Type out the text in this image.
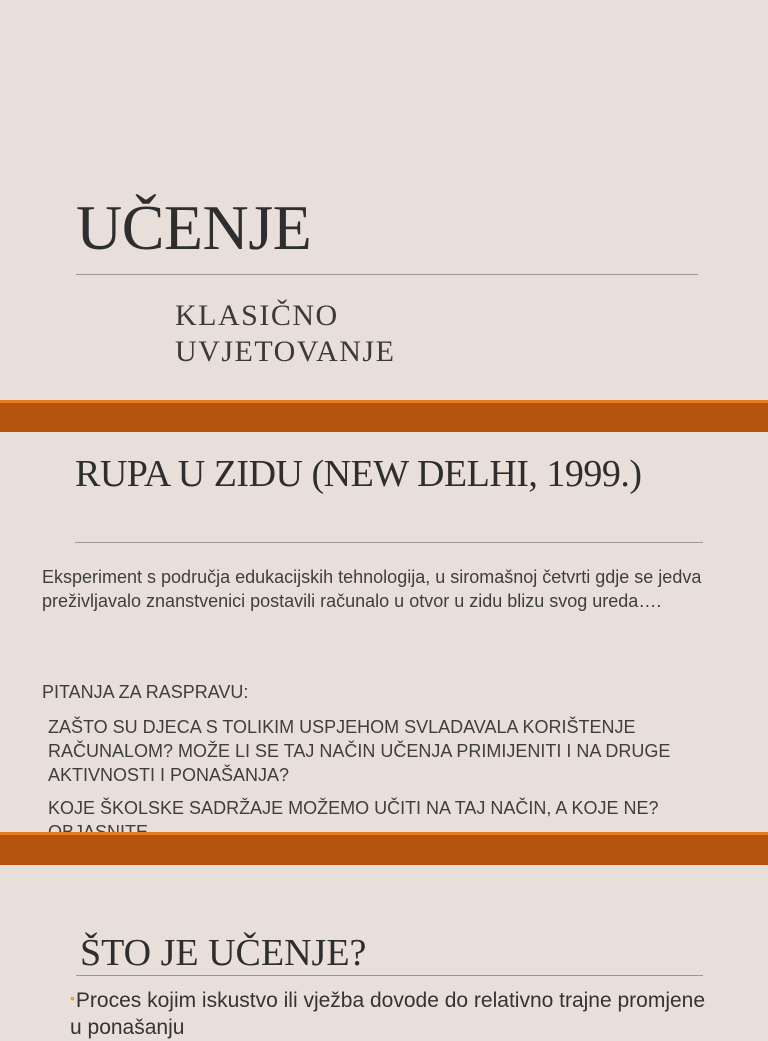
UČENJE
KLASIČNO
UVJETOVANJE
RUPA U ZIDU (NEW DELHI, 1999.)
Eksperiment s područja edukacijskih tehnologija, u siromašnoj četvrti gdje se jedva preživljavalo znanstvenici postavili računalo u otvor u zidu blizu svog ureda….
PITANJA ZA RASPRAVU:
ZAŠTO SU DJECA S TOLIKIM USPJEHOM SVLADAVALA KORIŠTENJE RAČUNALOM? MOŽE LI SE TAJ NAČIN UČENJA PRIMIJENITI I NA DRUGE AKTIVNOSTI I PONAŠANJA?
KOJE ŠKOLSKE SADRŽAJE MOŽEMO UČITI NA TAJ NAČIN, A KOJE NE?
ŠTO JE UČENJE?
•Proces kojim iskustvo ili vježba dovode do relativno trajne promjene u ponašanju
